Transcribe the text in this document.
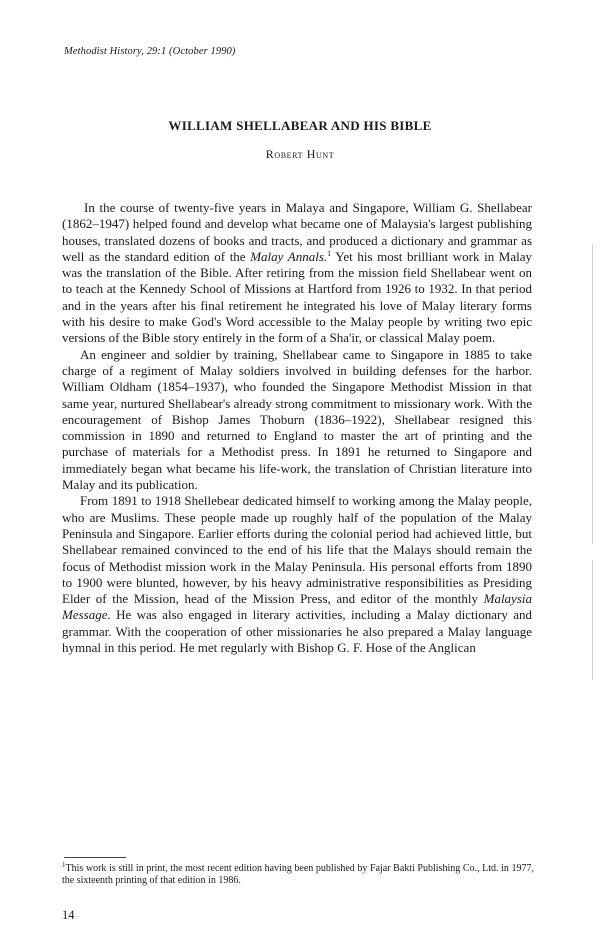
Methodist History, 29:1 (October 1990)
WILLIAM SHELLABEAR AND HIS BIBLE
Robert Hunt

In the course of twenty-five years in Malaya and Singapore, William G. Shellabear (1862–1947) helped found and develop what became one of Malaysia's largest publishing houses, translated dozens of books and tracts, and produced a dictionary and grammar as well as the standard edition of the Malay Annals.$^1$ Yet his most brilliant work in Malay was the translation of the Bible. After retiring from the mission field Shellabear went on to teach at the Kennedy School of Missions at Hartford from 1926 to 1932. In that period and in the years after his final retirement he integrated his love of Malay literary forms with his desire to make God's Word accessible to the Malay people by writing two epic versions of the Bible story entirely in the form of a Sha'ir, or classical Malay poem.

An engineer and soldier by training, Shellabear came to Singapore in 1885 to take charge of a regiment of Malay soldiers involved in building defenses for the harbor. William Oldham (1854–1937), who founded the Singapore Methodist Mission in that same year, nurtured Shellabear's already strong commitment to missionary work. With the encouragement of Bishop James Thoburn (1836–1922), Shellabear resigned this commission in 1890 and returned to England to master the art of printing and the purchase of materials for a Methodist press. In 1891 he returned to Singapore and immediately began what became his life-work, the translation of Christian literature into Malay and its publication.

From 1891 to 1918 Shellebear dedicated himself to working among the Malay people, who are Muslims. These people made up roughly half of the population of the Malay Peninsula and Singapore. Earlier efforts during the colonial period had achieved little, but Shellabear remained convinced to the end of his life that the Malays should remain the focus of Methodist mission work in the Malay Peninsula. His personal efforts from 1890 to 1900 were blunted, however, by his heavy administrative responsibilities as Presiding Elder of the Mission, head of the Mission Press, and editor of the monthly Malaysia Message. He was also engaged in literary activities, including a Malay dictionary and grammar. With the cooperation of other missionaries he also prepared a Malay language hymnal in this period. He met regularly with Bishop G. F. Hose of the Anglican

$^1$This work is still in print, the most recent edition having been published by Fajar Bakti Publishing Co., Ltd. in 1977, the sixteenth printing of that edition in 1986.
14
